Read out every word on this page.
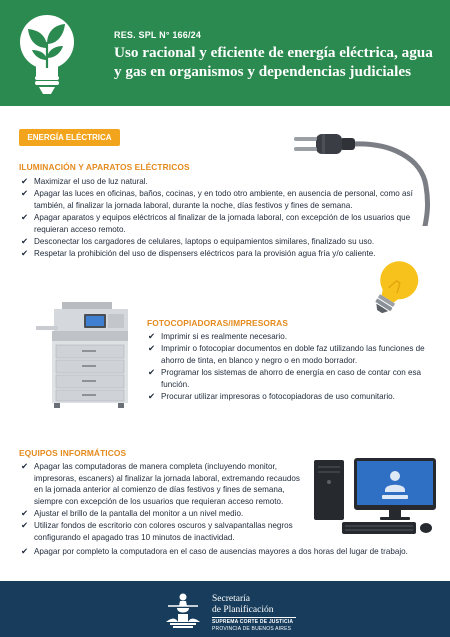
RES. SPL N° 166/24
Uso racional y eficiente de energía eléctrica, agua y gas en organismos y dependencias judiciales
ENERGÍA ELÉCTRICA
ILUMINACIÓN Y APARATOS ELÉCTRICOS
✔ Maximizar el uso de luz natural.
✔ Apagar las luces en oficinas, baños, cocinas, y en todo otro ambiente, en ausencia de personal, como así también, al finalizar la jornada laboral, durante la noche, días festivos y fines de semana.
✔ Apagar aparatos y equipos eléctricos al finalizar de la jornada laboral, con excepción de los usuarios que requieran acceso remoto.
✔ Desconectar los cargadores de celulares, laptops o equipamientos similares, finalizado su uso.
✔ Respetar la prohibición del uso de dispensers eléctricos para la provisión agua fría y/o caliente.
FOTOCOPIADORAS/IMPRESORAS
✔ Imprimir si es realmente necesario.
✔ Imprimir o fotocopiar documentos en doble faz utilizando las funciones de ahorro de tinta, en blanco y negro o en modo borrador.
✔ Programar los sistemas de ahorro de energía en caso de contar con esa función.
✔ Procurar utilizar impresoras o fotocopiadoras de uso comunitario.
EQUIPOS INFORMÁTICOS
✔ Apagar las computadoras de manera completa (incluyendo monitor, impresoras, escaners) al finalizar la jornada laboral, extremando recaudos en la jornada anterior al comienzo de días festivos y fines de semana, siempre con excepción de los usuarios que requieran acceso remoto.
✔ Ajustar el brillo de la pantalla del monitor a un nivel medio.
✔ Utilizar fondos de escritorio con colores oscuros y salvapantallas negros configurando el apagado tras 10 minutos de inactividad.
✔ Apagar por completo la computadora en el caso de ausencias mayores a dos horas del lugar de trabajo.
Secretaría
de Planificación
SUPREMA CORTE DE JUSTICIA
PROVINCIA DE BUENOS AIRES
